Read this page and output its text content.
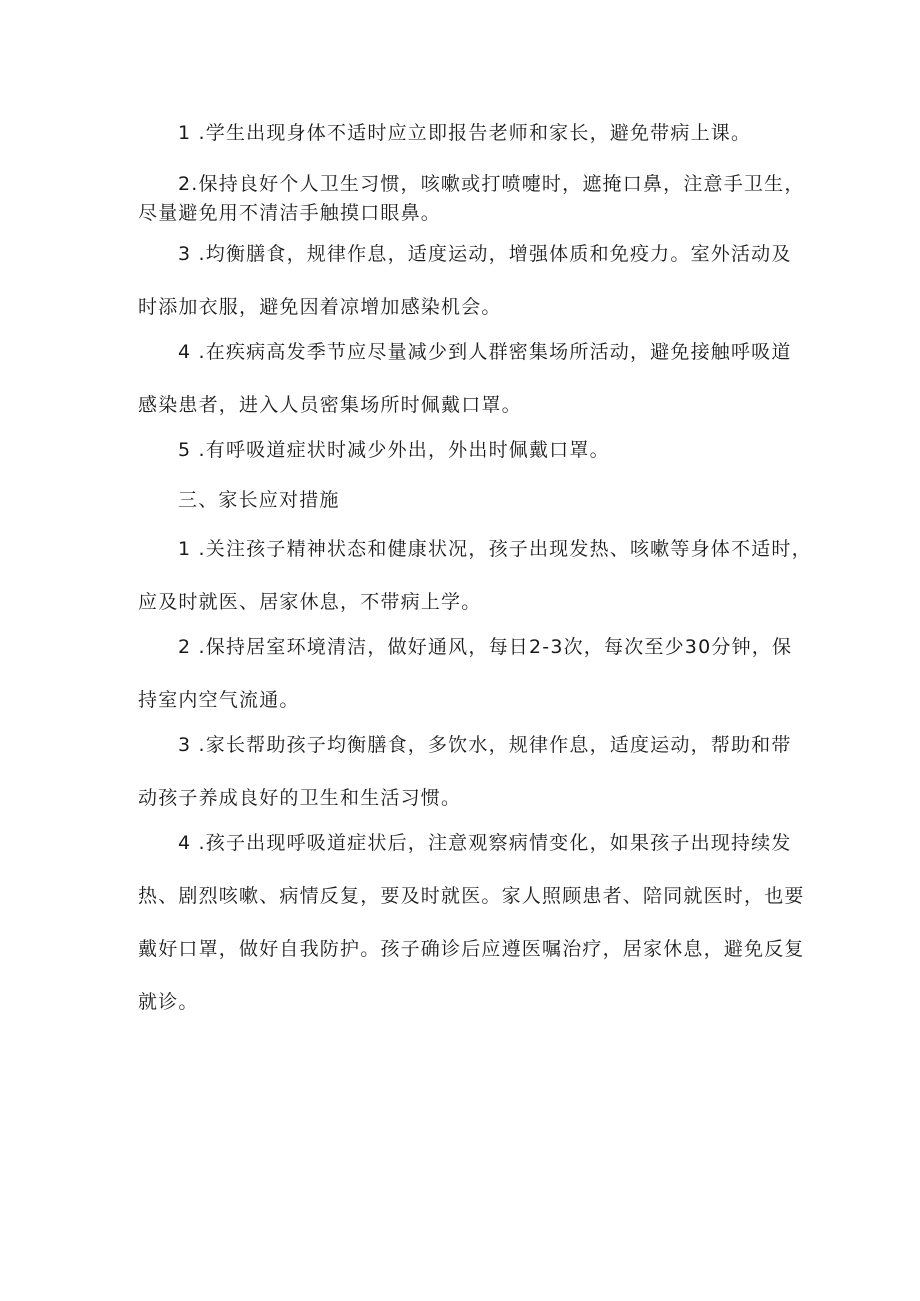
1 .学生出现身体不适时应立即报告老师和家长，避免带病上课。

2.保持良好个人卫生习惯，咳嗽或打喷嚏时，遮掩口鼻，注意手卫生，
尽量避免用不清洁手触摸口眼鼻。

3 .均衡膳食，规律作息，适度运动，增强体质和免疫力。室外活动及
时添加衣服，避免因着凉增加感染机会。

4 .在疾病高发季节应尽量减少到人群密集场所活动，避免接触呼吸道
感染患者，进入人员密集场所时佩戴口罩。

5 .有呼吸道症状时减少外出，外出时佩戴口罩。

三、家长应对措施

1 .关注孩子精神状态和健康状况，孩子出现发热、咳嗽等身体不适时，
应及时就医、居家休息，不带病上学。

2 .保持居室环境清洁，做好通风，每日2-3次，每次至少30分钟，保
持室内空气流通。

3 .家长帮助孩子均衡膳食，多饮水，规律作息，适度运动，帮助和带
动孩子养成良好的卫生和生活习惯。

4 .孩子出现呼吸道症状后，注意观察病情变化，如果孩子出现持续发
热、剧烈咳嗽、病情反复，要及时就医。家人照顾患者、陪同就医时，也要
戴好口罩，做好自我防护。孩子确诊后应遵医嘱治疗，居家休息，避免反复
就诊。
